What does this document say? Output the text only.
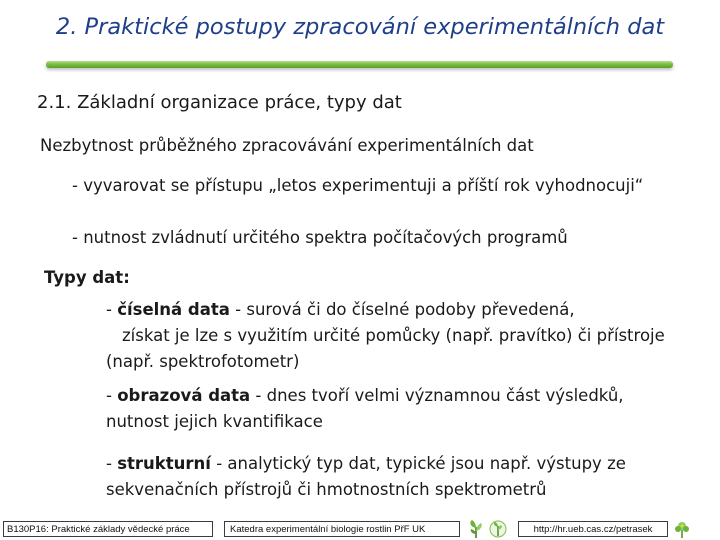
2. Praktické postupy zpracování experimentálních dat
2.1. Základní organizace práce, typy dat
Nezbytnost průběžného zpracovávání experimentálních dat
- vyvarovat se přístupu „letos experimentuji a příští rok vyhodnocuji“
- nutnost zvládnutí určitého spektra počítačových programů
Typy dat:
- číselná data - surová či do číselné podoby převedená,
získat je lze s využitím určité pomůcky (např. pravítko) či přístroje
(např. spektrofotometr)
- obrazová data - dnes tvoří velmi významnou část výsledků,
nutnost jejich kvantifikace
- strukturní - analytický typ dat, typické jsou např. výstupy ze
sekvenačních přístrojů či hmotnostních spektrometrů
B130P16: Praktické základy vědecké práce	Katedra experimentální biologie rostlin PřF UK	http://hr.ueb.cas.cz/petrasek
